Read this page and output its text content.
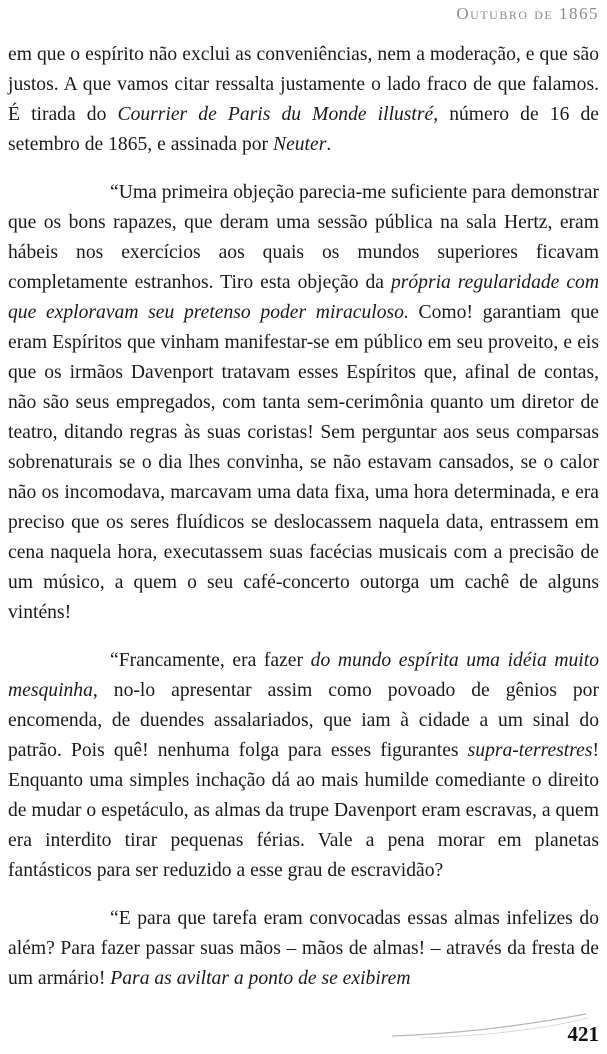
Outubro de 1865

em que o espírito não exclui as conveniências, nem a moderação, e que são justos. A que vamos citar ressalta justamente o lado fraco de que falamos. É tirada do Courrier de Paris du Monde illustré, número de 16 de setembro de 1865, e assinada por Neuter.

“Uma primeira objeção parecia-me suficiente para demonstrar que os bons rapazes, que deram uma sessão pública na sala Hertz, eram hábeis nos exercícios aos quais os mundos superiores ficavam completamente estranhos. Tiro esta objeção da própria regularidade com que exploravam seu pretenso poder miraculoso. Como! garantiam que eram Espíritos que vinham manifestar-se em público em seu proveito, e eis que os irmãos Davenport tratavam esses Espíritos que, afinal de contas, não são seus empregados, com tanta sem-cerimônia quanto um diretor de teatro, ditando regras às suas coristas! Sem perguntar aos seus comparsas sobrenaturais se o dia lhes convinha, se não estavam cansados, se o calor não os incomodava, marcavam uma data fixa, uma hora determinada, e era preciso que os seres fluídicos se deslocassem naquela data, entrassem em cena naquela hora, executassem suas facécias musicais com a precisão de um músico, a quem o seu café-concerto outorga um cachê de alguns vinténs!

“Francamente, era fazer do mundo espírita uma idéia muito mesquinha, no-lo apresentar assim como povoado de gênios por encomenda, de duendes assalariados, que iam à cidade a um sinal do patrão. Pois quê! nenhuma folga para esses figurantes supra-terrestres! Enquanto uma simples inchação dá ao mais humilde comediante o direito de mudar o espetáculo, as almas da trupe Davenport eram escravas, a quem era interdito tirar pequenas férias. Vale a pena morar em planetas fantásticos para ser reduzido a esse grau de escravidão?

“E para que tarefa eram convocadas essas almas infelizes do além? Para fazer passar suas mãos – mãos de almas! – através da fresta de um armário! Para as aviltar a ponto de se exibirem

421
